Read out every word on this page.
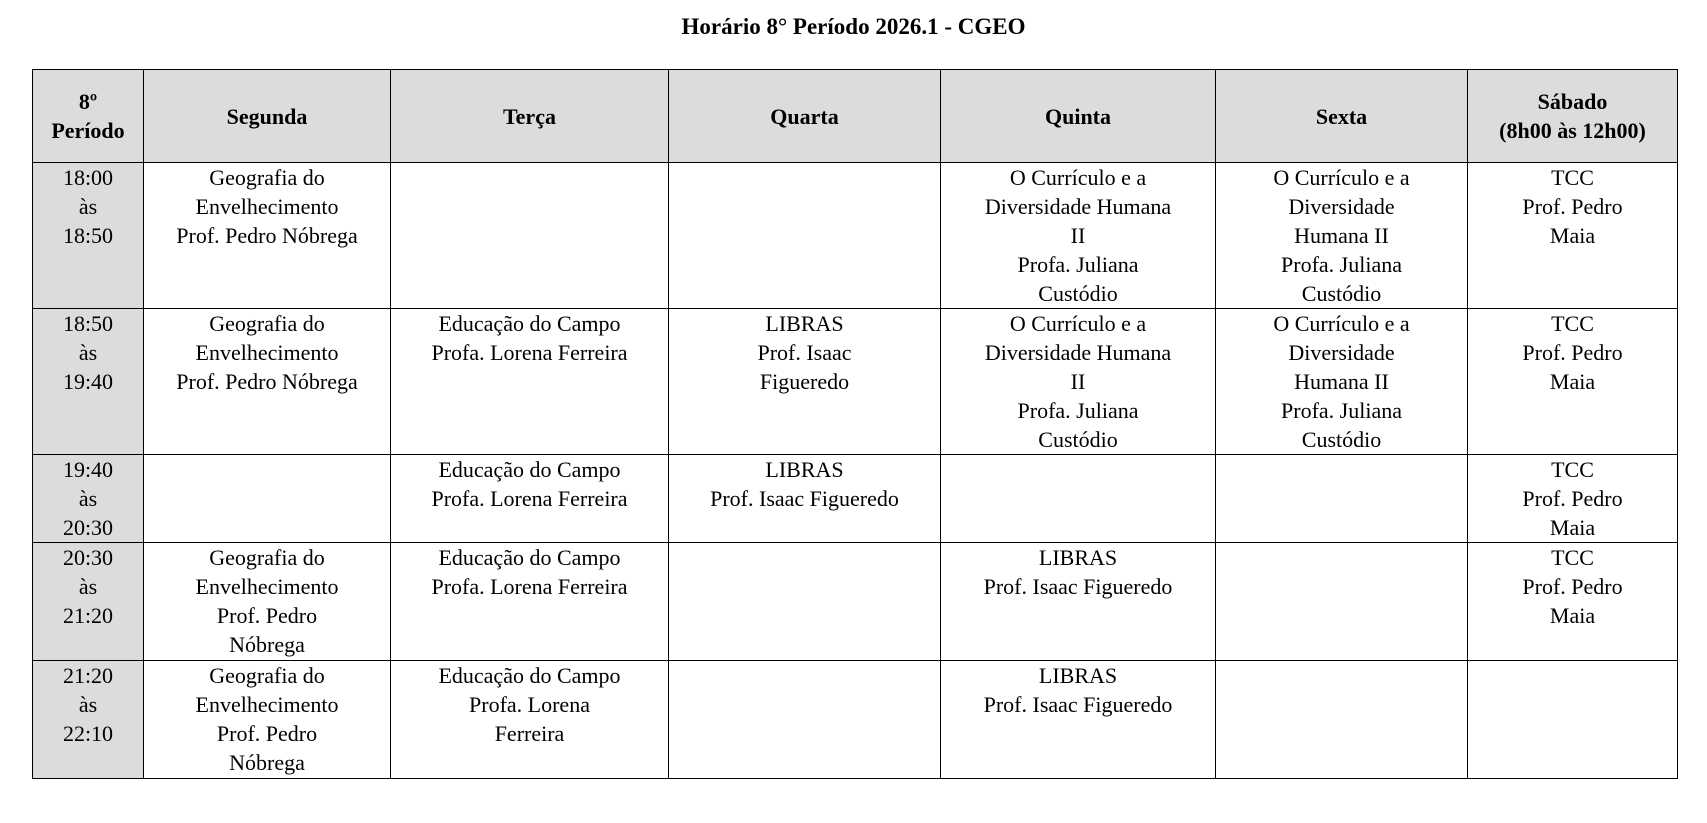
Horário 8° Período 2026.1 - CGEO
8º
Período	Segunda	Terça	Quarta	Quinta	Sexta	Sábado
(8h00 às 12h00)

18:00
às
18:50	Geografia do
Envelhecimento
Prof. Pedro Nóbrega			O Currículo e a
Diversidade Humana
II
Profa. Juliana
Custódio	O Currículo e a
Diversidade
Humana II
Profa. Juliana
Custódio	TCC
Prof. Pedro
Maia

18:50
às
19:40	Geografia do
Envelhecimento
Prof. Pedro Nóbrega	Educação do Campo
Profa. Lorena Ferreira	LIBRAS
Prof. Isaac
Figueredo	O Currículo e a
Diversidade Humana
II
Profa. Juliana
Custódio	O Currículo e a
Diversidade
Humana II
Profa. Juliana
Custódio	TCC
Prof. Pedro
Maia

19:40
às
20:30		Educação do Campo
Profa. Lorena Ferreira	LIBRAS
Prof. Isaac Figueredo			TCC
Prof. Pedro
Maia

20:30
às
21:20	Geografia do
Envelhecimento
Prof. Pedro
Nóbrega	Educação do Campo
Profa. Lorena Ferreira		LIBRAS
Prof. Isaac Figueredo		TCC
Prof. Pedro
Maia

21:20
às
22:10	Geografia do
Envelhecimento
Prof. Pedro
Nóbrega	Educação do Campo
Profa. Lorena
Ferreira		LIBRAS
Prof. Isaac Figueredo		
